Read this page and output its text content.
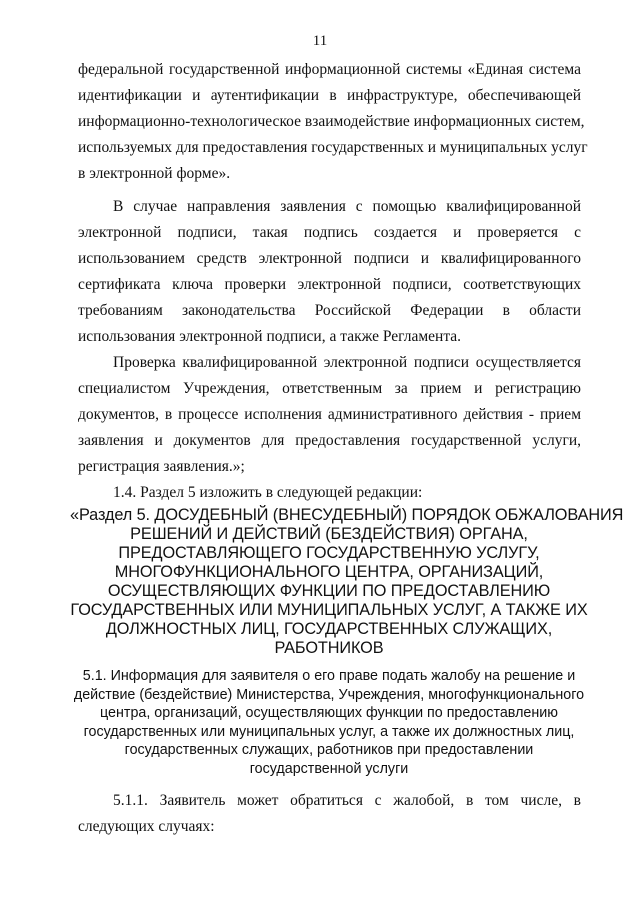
11
федеральной государственной информационной системы «Единая система
идентификации и аутентификации в инфраструктуре, обеспечивающей
информационно-технологическое взаимодействие информационных систем,
используемых для предоставления государственных и муниципальных услуг
в электронной форме».
В случае направления заявления с помощью квалифицированной
электронной подписи, такая подпись создается и проверяется с
использованием средств электронной подписи и квалифицированного
сертификата ключа проверки электронной подписи, соответствующих
требованиям законодательства Российской Федерации в области
использования электронной подписи, а также Регламента.
Проверка квалифицированной электронной подписи осуществляется
специалистом Учреждения, ответственным за прием и регистрацию
документов, в процессе исполнения административного действия - прием
заявления и документов для предоставления государственной услуги,
регистрация заявления.»;
1.4. Раздел 5 изложить в следующей редакции:
«Раздел 5. ДОСУДЕБНЫЙ (ВНЕСУДЕБНЫЙ) ПОРЯДОК ОБЖАЛОВАНИЯ
РЕШЕНИЙ И ДЕЙСТВИЙ (БЕЗДЕЙСТВИЯ) ОРГАНА,
ПРЕДОСТАВЛЯЮЩЕГО ГОСУДАРСТВЕННУЮ УСЛУГУ,
МНОГОФУНКЦИОНАЛЬНОГО ЦЕНТРА, ОРГАНИЗАЦИЙ,
ОСУЩЕСТВЛЯЮЩИХ ФУНКЦИИ ПО ПРЕДОСТАВЛЕНИЮ
ГОСУДАРСТВЕННЫХ ИЛИ МУНИЦИПАЛЬНЫХ УСЛУГ, А ТАКЖЕ ИХ
ДОЛЖНОСТНЫХ ЛИЦ, ГОСУДАРСТВЕННЫХ СЛУЖАЩИХ,
РАБОТНИКОВ
5.1. Информация для заявителя о его праве подать жалобу на решение и
действие (бездействие) Министерства, Учреждения, многофункционального
центра, организаций, осуществляющих функции по предоставлению
государственных или муниципальных услуг, а также их должностных лиц,
государственных служащих, работников при предоставлении
государственной услуги
5.1.1. Заявитель может обратиться с жалобой, в том числе, в
следующих случаях:
